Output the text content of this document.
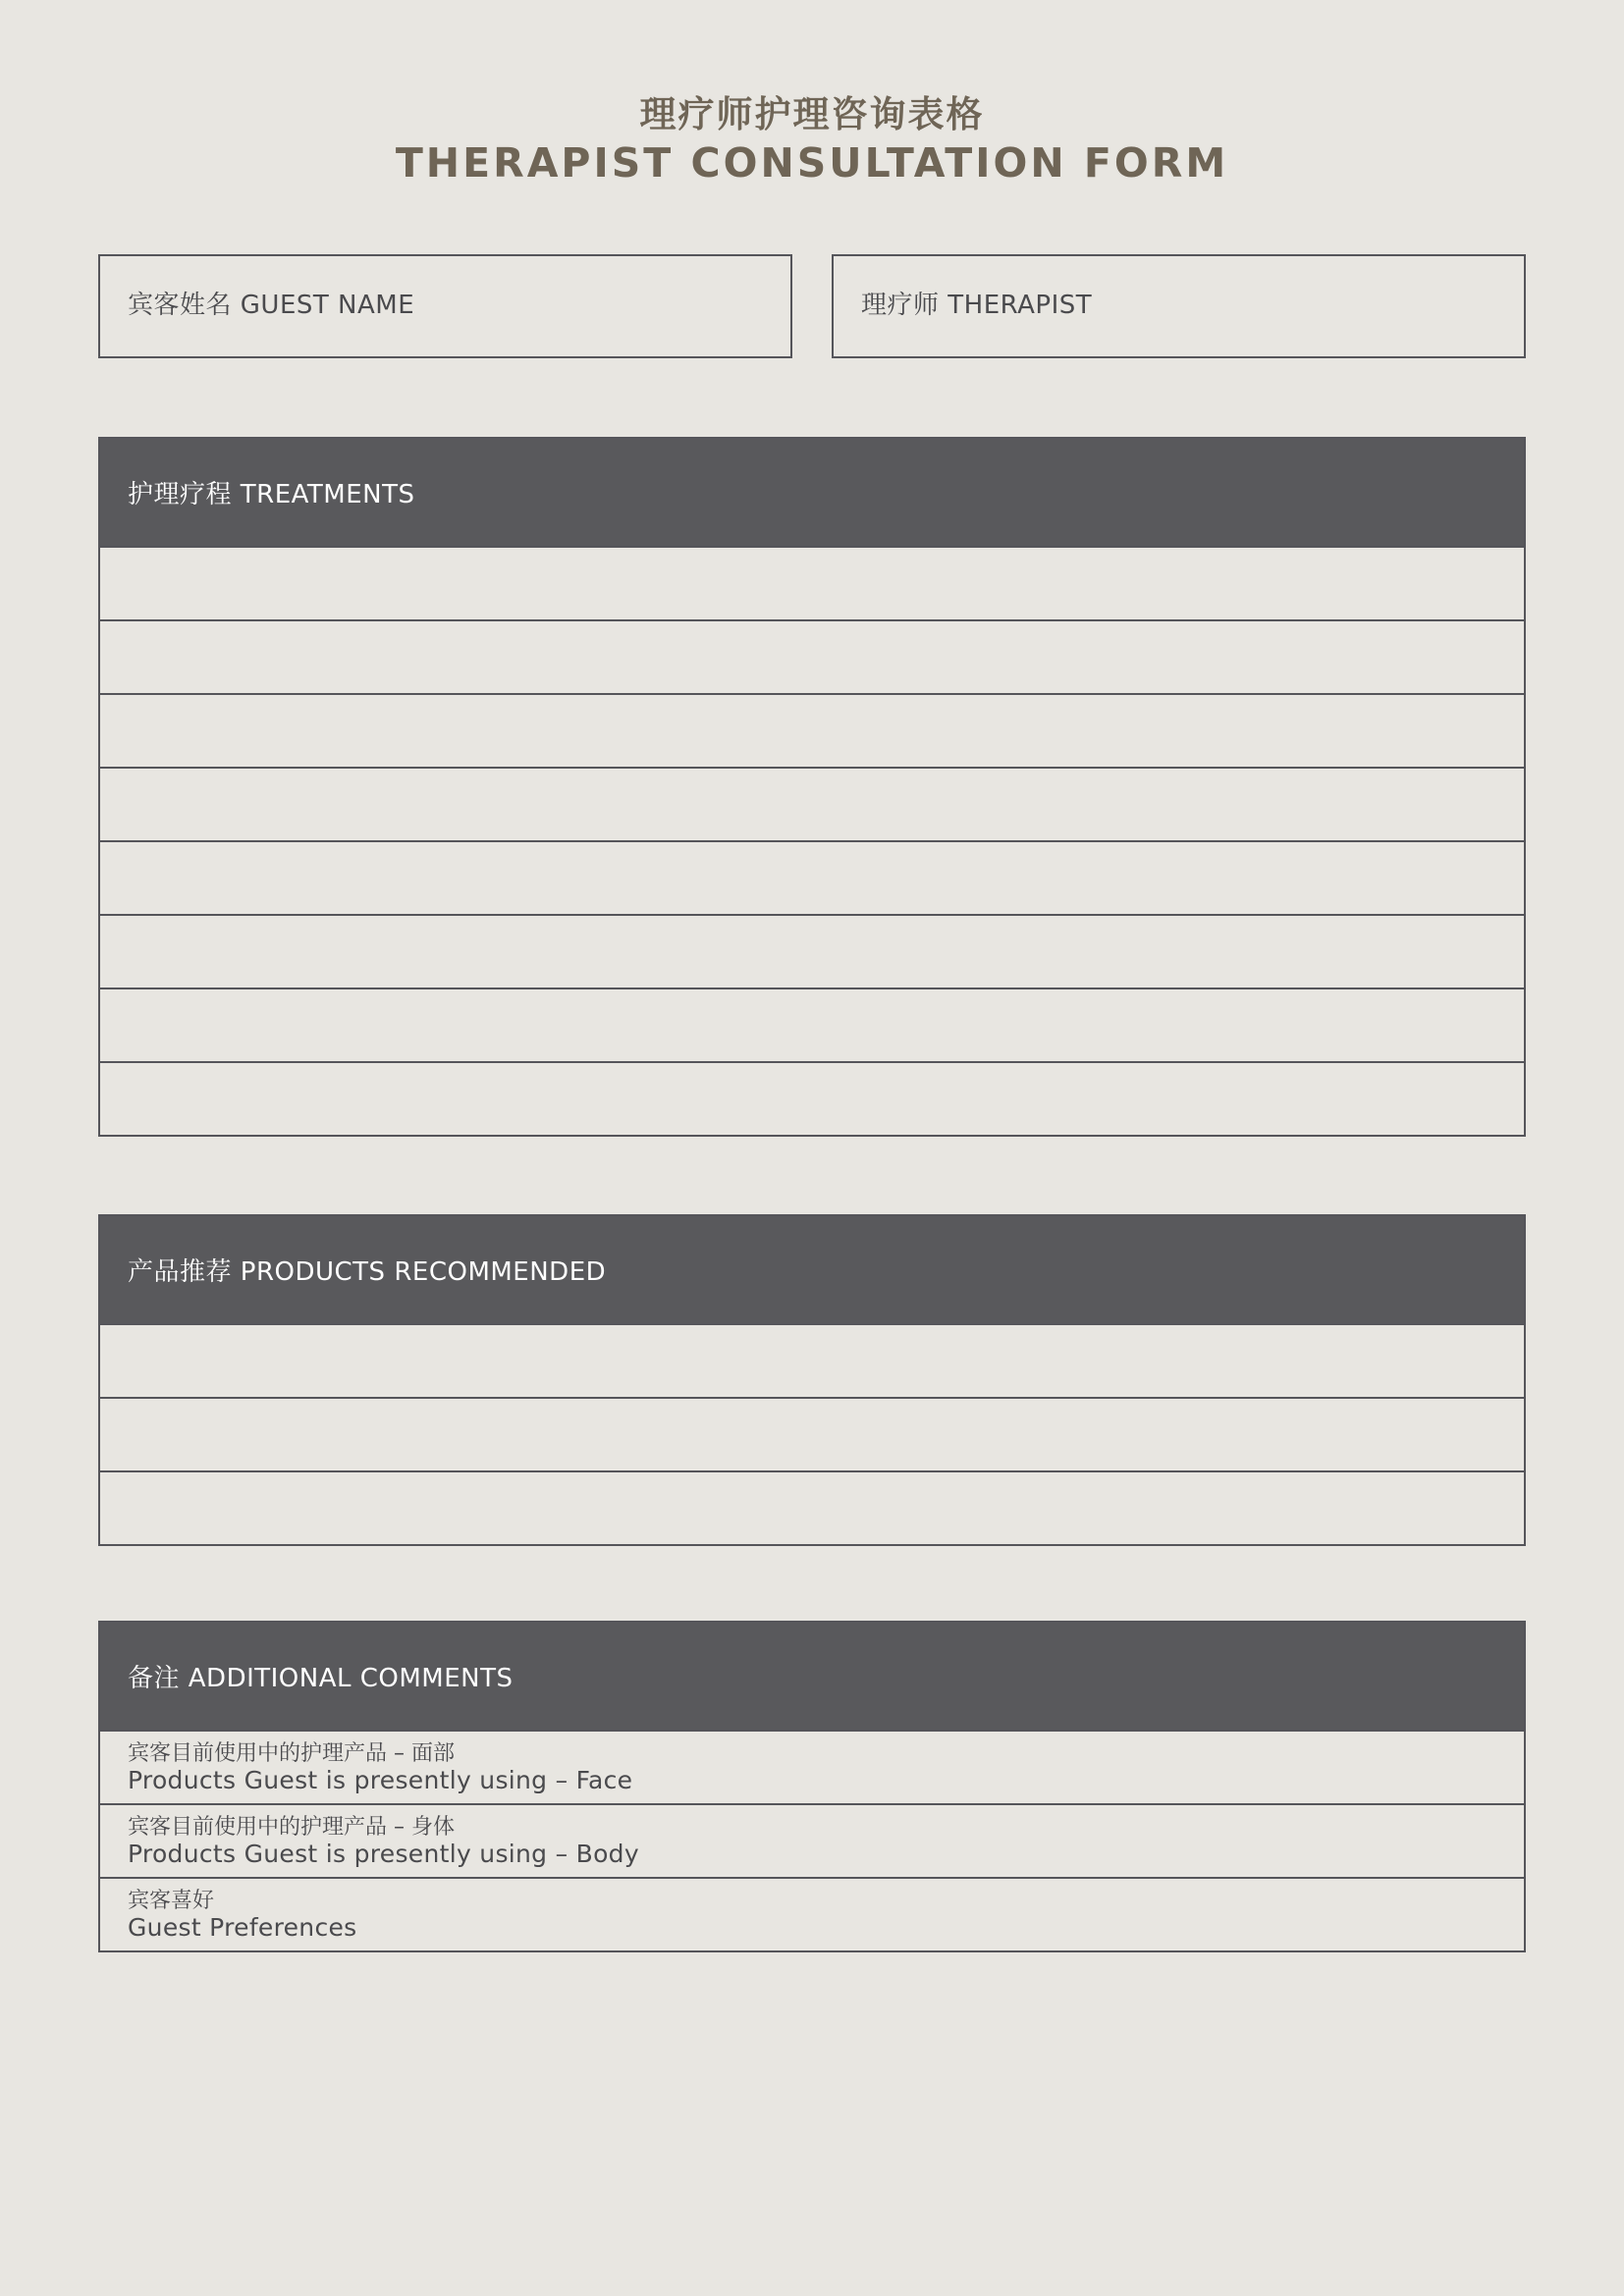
理疗师护理咨询表格
THERAPIST CONSULTATION FORM
宾客姓名 GUEST NAME	理疗师 THERAPIST
护理疗程 TREATMENTS
产品推荐 PRODUCTS RECOMMENDED
备注 ADDITIONAL COMMENTS
宾客目前使用中的护理产品 – 面部
Products Guest is presently using – Face
宾客目前使用中的护理产品 – 身体
Products Guest is presently using – Body
宾客喜好
Guest Preferences
